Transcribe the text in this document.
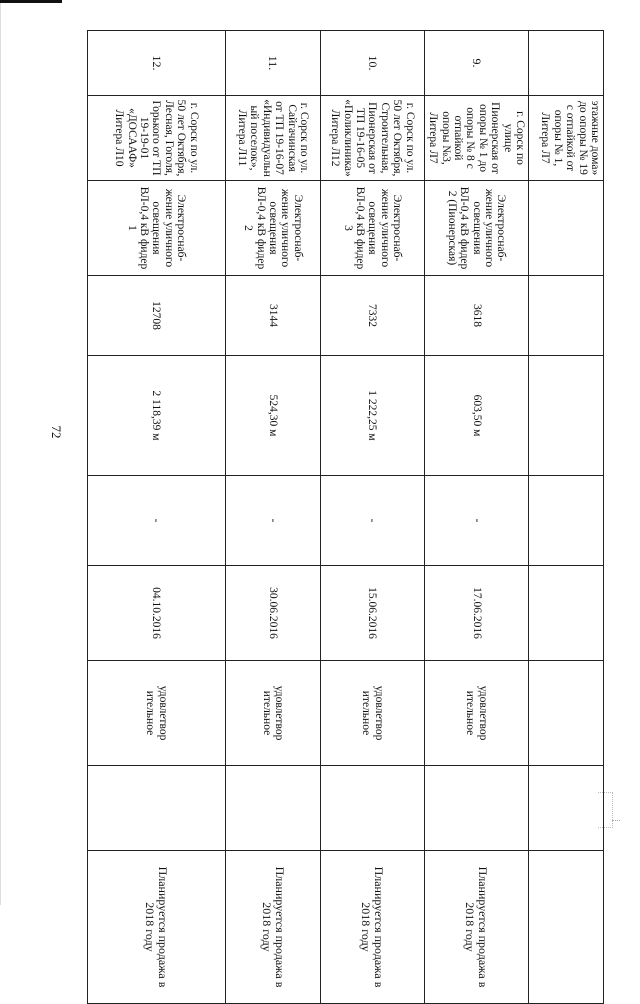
72
	этажные дома» до опоры № 19 с отпайкой от опоры № 1, Литера Л7								
9.	г. Сорск по улице Пионерская от опоры № 1 до опоры № 8 с отпайкой опоры №3, Литера Л7	Электроснаб-жение уличного освещения ВЛ-0,4 кВ фидер 2 (Пионерская)	3618	603,50 м	-	17.06.2016	удовлетвор ительное		Планируется продажа в 2018 году
10.	г. Сорск по ул. 50 лет Октября, Строительная, Пионерская от ТП 19-16-05 «Поликлиника» Литера Л12	Электроснаб-жение уличного освещения ВЛ-0,4 кВ фидер 3	7332	1 222,25 м	-	15.06.2016	удовлетвор ительное		Планируется продажа в 2018 году
11.	г. Сорск по ул. Сайгачинская от ТП 19-16-07 «Индивидуальн ый поселок», Литера Л11	Электроснаб-жение уличного освещения ВЛ-0,4 кВ фидер 2	3144	524,30 м	-	30.06.2016	удовлетвор ительное		Планируется продажа в 2018 году
12.	г. Сорск по ул. 50 лет Октября, Лесная, Гоголя, Горького от ТП 19-19-01 «ДОСААФ» Литера Л10	Электроснаб-жение уличного освещения ВЛ-0,4 кВ фидер 1	12708	2 118,39 м	-	04.10.2016	удовлетвор ительное		Планируется продажа в 2018 году
